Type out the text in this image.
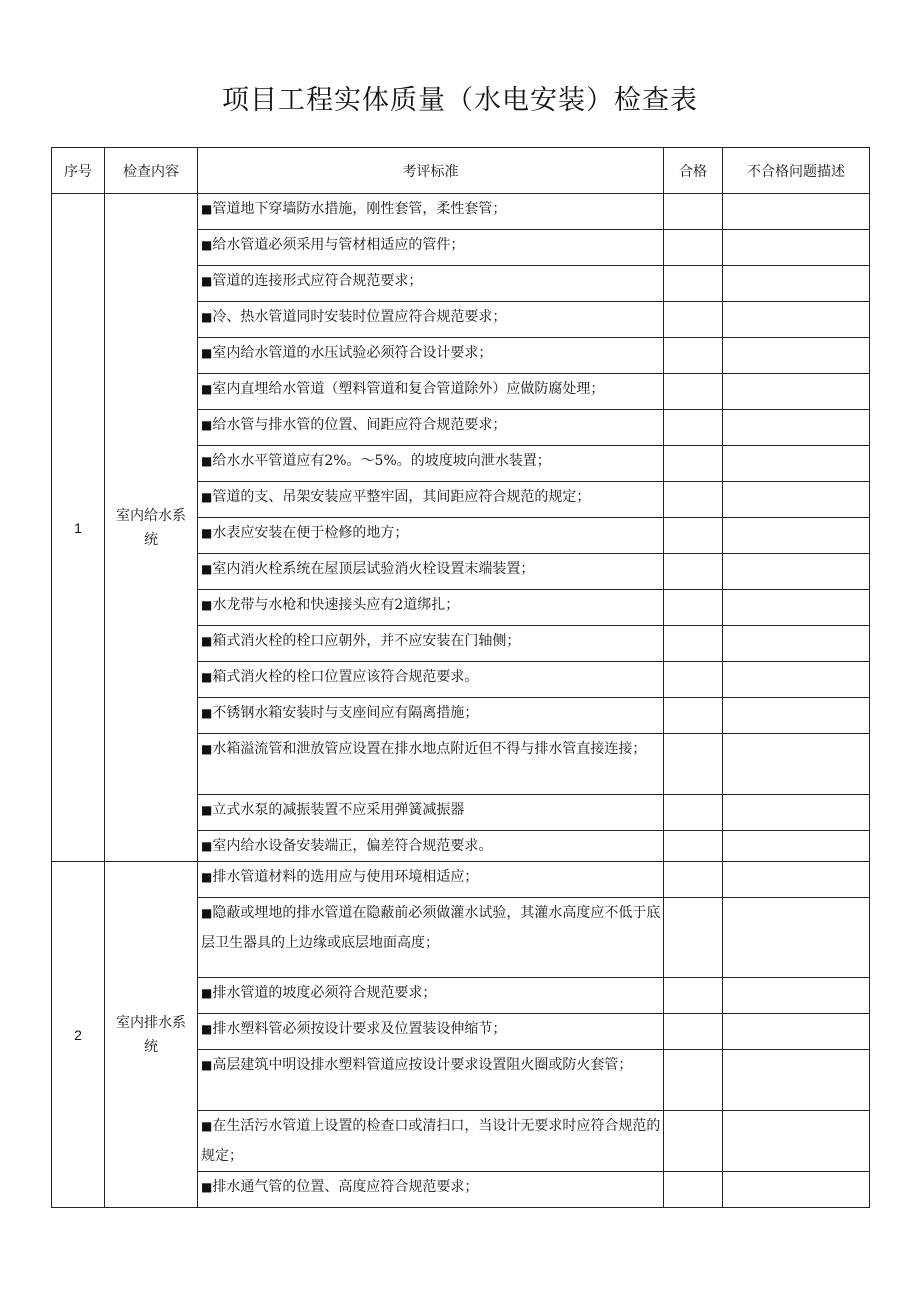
项目工程实体质量（水电安装）检查表
序号	检查内容	考评标准	合格	不合格问题描述
1	室内给水系统	■管道地下穿墙防水措施，刚性套管，柔性套管；		

		■给水管道必须采用与管材相适应的管件；		

		■管道的连接形式应符合规范要求；		

		■冷、热水管道同时安装时位置应符合规范要求；		

		■室内给水管道的水压试验必须符合设计要求；		

		■室内直埋给水管道（塑料管道和复合管道除外）应做防腐处理；		

		■给水管与排水管的位置、间距应符合规范要求；		

		■给水水平管道应有2%。～5%。的坡度坡向泄水装置；		

		■管道的支、吊架安装应平整牢固，其间距应符合规范的规定；		

		■水表应安装在便于检修的地方；		

		■室内消火栓系统在屋顶层试验消火栓设置末端装置；		

		■水龙带与水枪和快速接头应有2道绑扎；		

		■箱式消火栓的栓口应朝外，并不应安装在门轴侧；		

		■箱式消火栓的栓口位置应该符合规范要求。		

		■不锈钢水箱安装时与支座间应有隔离措施；		

		■水箱溢流管和泄放管应设置在排水地点附近但不得与排水管直接连接；		

		■立式水泵的减振装置不应采用弹簧减振器		

		■室内给水设备安装端正，偏差符合规范要求。		

2	室内排水系统	■排水管道材料的选用应与使用环境相适应；		

		■隐蔽或埋地的排水管道在隐蔽前必须做灌水试验，其灌水高度应不低于底层卫生器具的上边缘或底层地面高度；		

		■排水管道的坡度必须符合规范要求；		

		■排水塑料管必须按设计要求及位置装设伸缩节；		

		■高层建筑中明设排水塑料管道应按设计要求设置阻火圈或防火套管；		

		■在生活污水管道上设置的检查口或清扫口，当设计无要求时应符合规范的规定；		

		■排水通气管的位置、高度应符合规范要求；		
